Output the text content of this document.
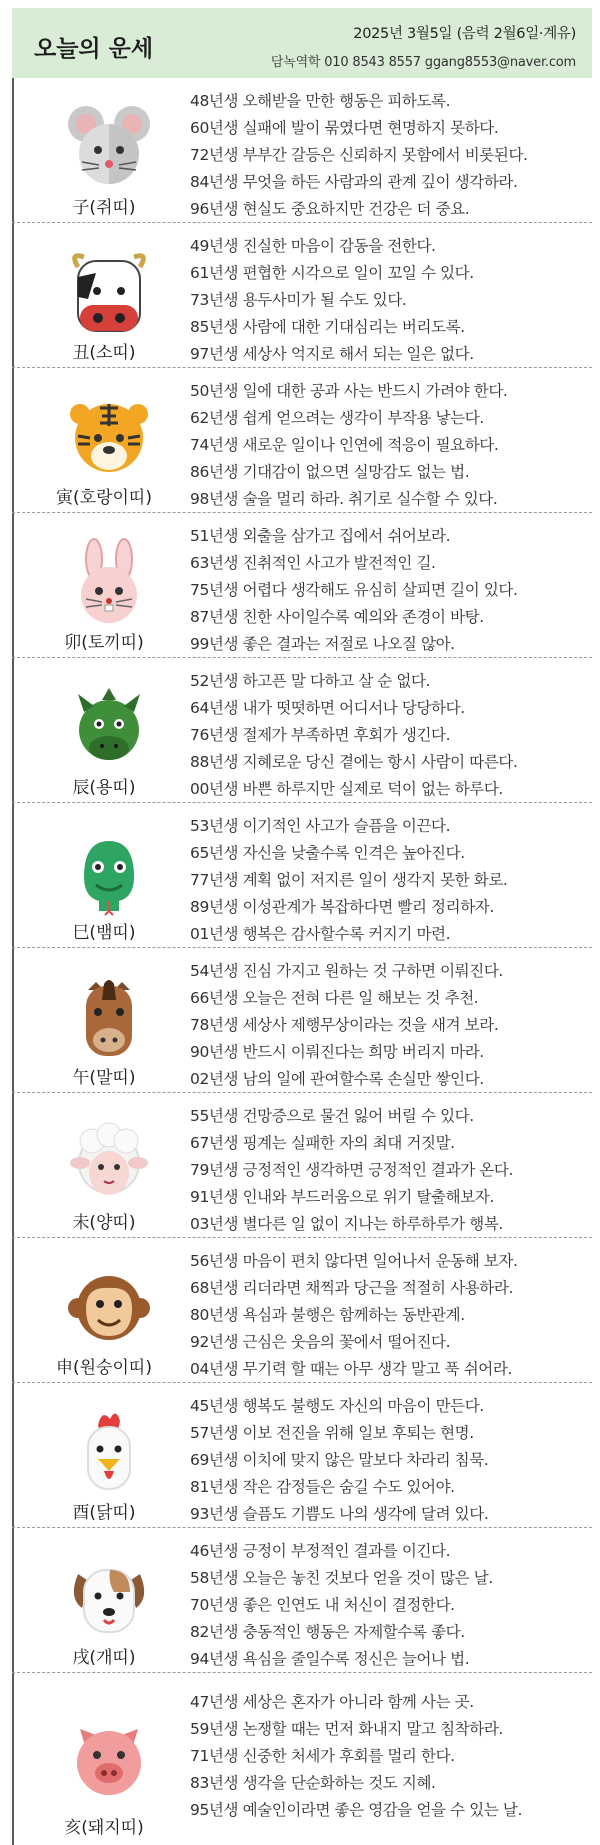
오늘의 운세
2025년 3월5일 (음력 2월6일·계유)
담녹역학 010 8543 8557 ggang8553@naver.com
子(쥐띠)
48년생 오해받을 만한 행동은 피하도록.
60년생 실패에 발이 묶였다면 현명하지 못하다.
72년생 부부간 갈등은 신뢰하지 못함에서 비롯된다.
84년생 무엇을 하든 사람과의 관계 깊이 생각하라.
96년생 현실도 중요하지만 건강은 더 중요.
丑(소띠)
49년생 진실한 마음이 감동을 전한다.
61년생 편협한 시각으로 일이 꼬일 수 있다.
73년생 용두사미가 될 수도 있다.
85년생 사람에 대한 기대심리는 버리도록.
97년생 세상사 억지로 해서 되는 일은 없다.
寅(호랑이띠)
50년생 일에 대한 공과 사는 반드시 가려야 한다.
62년생 쉽게 얻으려는 생각이 부작용 낳는다.
74년생 새로운 일이나 인연에 적응이 필요하다.
86년생 기대감이 없으면 실망감도 없는 법.
98년생 술을 멀리 하라. 취기로 실수할 수 있다.
卯(토끼띠)
51년생 외출을 삼가고 집에서 쉬어보라.
63년생 진취적인 사고가 발전적인 길.
75년생 어렵다 생각해도 유심히 살피면 길이 있다.
87년생 친한 사이일수록 예의와 존경이 바탕.
99년생 좋은 결과는 저절로 나오질 않아.
辰(용띠)
52년생 하고픈 말 다하고 살 순 없다.
64년생 내가 떳떳하면 어디서나 당당하다.
76년생 절제가 부족하면 후회가 생긴다.
88년생 지혜로운 당신 곁에는 항시 사람이 따른다.
00년생 바쁜 하루지만 실제로 덕이 없는 하루다.
巳(뱀띠)
53년생 이기적인 사고가 슬픔을 이끈다.
65년생 자신을 낮출수록 인격은 높아진다.
77년생 계획 없이 저지른 일이 생각지 못한 화로.
89년생 이성관계가 복잡하다면 빨리 정리하자.
01년생 행복은 감사할수록 커지기 마련.
午(말띠)
54년생 진심 가지고 원하는 것 구하면 이뤄진다.
66년생 오늘은 전혀 다른 일 해보는 것 추천.
78년생 세상사 제행무상이라는 것을 새겨 보라.
90년생 반드시 이뤄진다는 희망 버리지 마라.
02년생 남의 일에 관여할수록 손실만 쌓인다.
未(양띠)
55년생 건망증으로 물건 잃어 버릴 수 있다.
67년생 핑계는 실패한 자의 최대 거짓말.
79년생 긍정적인 생각하면 긍정적인 결과가 온다.
91년생 인내와 부드러움으로 위기 탈출해보자.
03년생 별다른 일 없이 지나는 하루하루가 행복.
申(원숭이띠)
56년생 마음이 편치 않다면 일어나서 운동해 보자.
68년생 리더라면 채찍과 당근을 적절히 사용하라.
80년생 욕심과 불행은 함께하는 동반관계.
92년생 근심은 웃음의 꽃에서 떨어진다.
04년생 무기력 할 때는 아무 생각 말고 푹 쉬어라.
酉(닭띠)
45년생 행복도 불행도 자신의 마음이 만든다.
57년생 이보 전진을 위해 일보 후퇴는 현명.
69년생 이치에 맞지 않은 말보다 차라리 침묵.
81년생 작은 감정들은 숨길 수도 있어야.
93년생 슬픔도 기쁨도 나의 생각에 달려 있다.
戌(개띠)
46년생 긍정이 부정적인 결과를 이긴다.
58년생 오늘은 놓친 것보다 얻을 것이 많은 날.
70년생 좋은 인연도 내 처신이 결정한다.
82년생 충동적인 행동은 자제할수록 좋다.
94년생 욕심을 줄일수록 정신은 늘어나 법.
亥(돼지띠)
47년생 세상은 혼자가 아니라 함께 사는 곳.
59년생 논쟁할 때는 먼저 화내지 말고 침착하라.
71년생 신중한 처세가 후회를 멀리 한다.
83년생 생각을 단순화하는 것도 지혜.
95년생 예술인이라면 좋은 영감을 얻을 수 있는 날.
